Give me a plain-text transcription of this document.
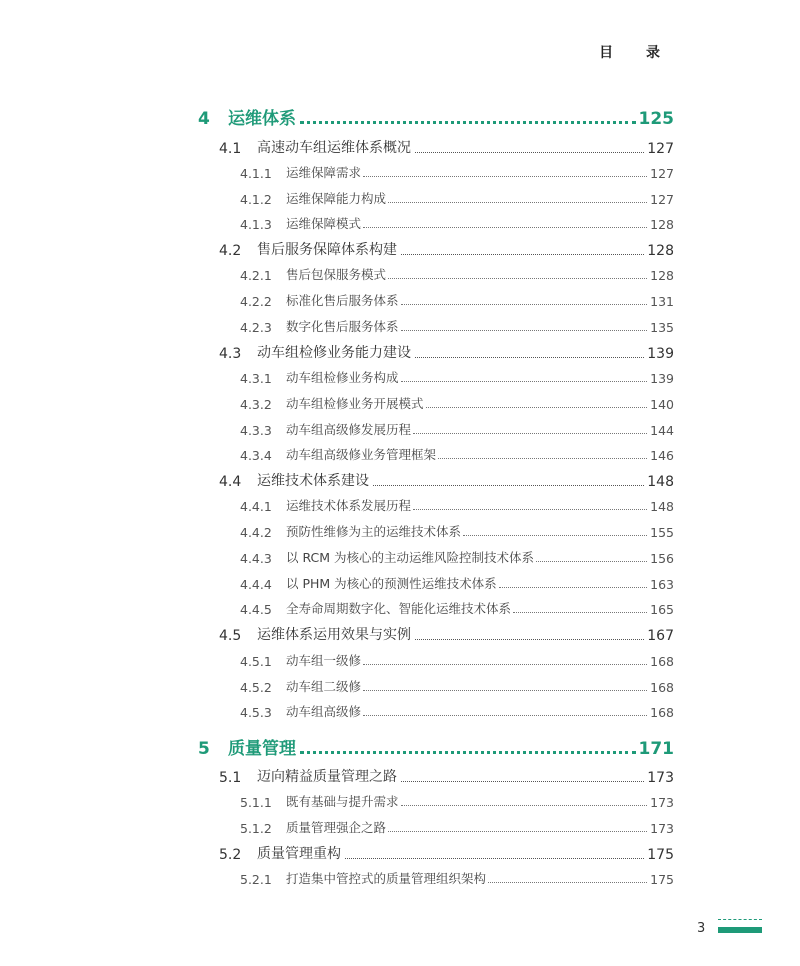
目 录
4	运维体系	125
4.1	高速动车组运维体系概况	127
4.1.1	运维保障需求	127
4.1.2	运维保障能力构成	127
4.1.3	运维保障模式	128
4.2	售后服务保障体系构建	128
4.2.1	售后包保服务模式	128
4.2.2	标准化售后服务体系	131
4.2.3	数字化售后服务体系	135
4.3	动车组检修业务能力建设	139
4.3.1	动车组检修业务构成	139
4.3.2	动车组检修业务开展模式	140
4.3.3	动车组高级修发展历程	144
4.3.4	动车组高级修业务管理框架	146
4.4	运维技术体系建设	148
4.4.1	运维技术体系发展历程	148
4.4.2	预防性维修为主的运维技术体系	155
4.4.3	以 RCM 为核心的主动运维风险控制技术体系	156
4.4.4	以 PHM 为核心的预测性运维技术体系	163
4.4.5	全寿命周期数字化、智能化运维技术体系	165
4.5	运维体系运用效果与实例	167
4.5.1	动车组一级修	168
4.5.2	动车组二级修	168
4.5.3	动车组高级修	168
5	质量管理	171
5.1	迈向精益质量管理之路	173
5.1.1	既有基础与提升需求	173
5.1.2	质量管理强企之路	173
5.2	质量管理重构	175
5.2.1	打造集中管控式的质量管理组织架构	175
3
